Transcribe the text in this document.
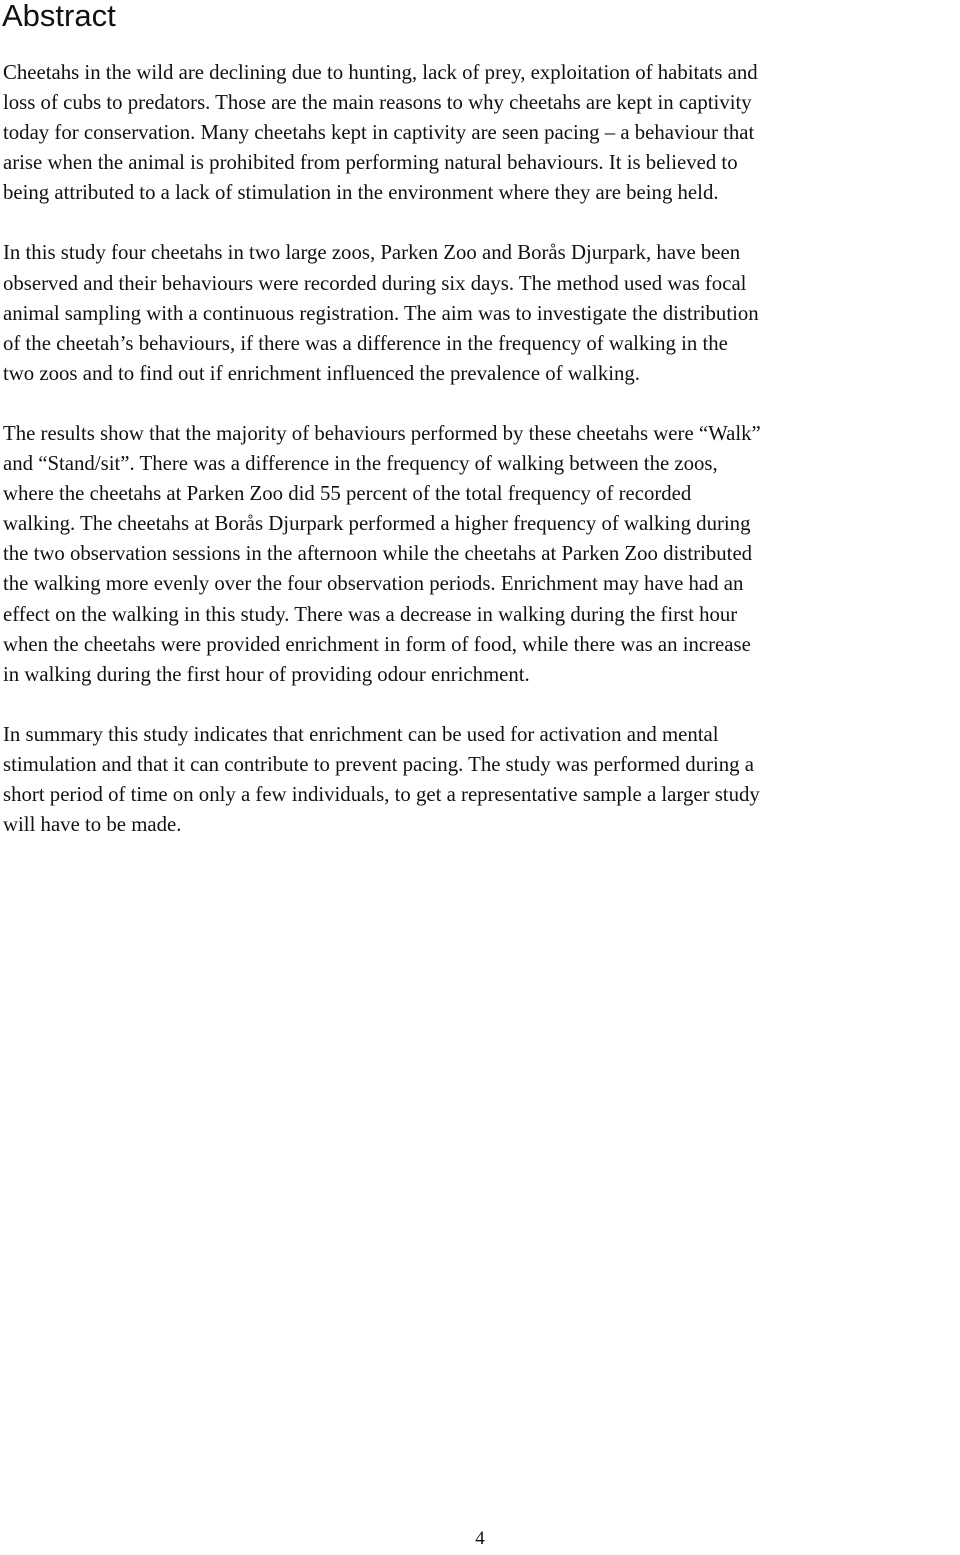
Abstract

Cheetahs in the wild are declining due to hunting, lack of prey, exploitation of habitats and
loss of cubs to predators. Those are the main reasons to why cheetahs are kept in captivity
today for conservation. Many cheetahs kept in captivity are seen pacing – a behaviour that
arise when the animal is prohibited from performing natural behaviours. It is believed to
being attributed to a lack of stimulation in the environment where they are being held.

In this study four cheetahs in two large zoos, Parken Zoo and Borås Djurpark, have been
observed and their behaviours were recorded during six days. The method used was focal
animal sampling with a continuous registration. The aim was to investigate the distribution
of the cheetah’s behaviours, if there was a difference in the frequency of walking in the
two zoos and to find out if enrichment influenced the prevalence of walking.

The results show that the majority of behaviours performed by these cheetahs were “Walk”
and “Stand/sit”. There was a difference in the frequency of walking between the zoos,
where the cheetahs at Parken Zoo did 55 percent of the total frequency of recorded
walking. The cheetahs at Borås Djurpark performed a higher frequency of walking during
the two observation sessions in the afternoon while the cheetahs at Parken Zoo distributed
the walking more evenly over the four observation periods. Enrichment may have had an
effect on the walking in this study. There was a decrease in walking during the first hour
when the cheetahs were provided enrichment in form of food, while there was an increase
in walking during the first hour of providing odour enrichment.

In summary this study indicates that enrichment can be used for activation and mental
stimulation and that it can contribute to prevent pacing. The study was performed during a
short period of time on only a few individuals, to get a representative sample a larger study
will have to be made.

4
